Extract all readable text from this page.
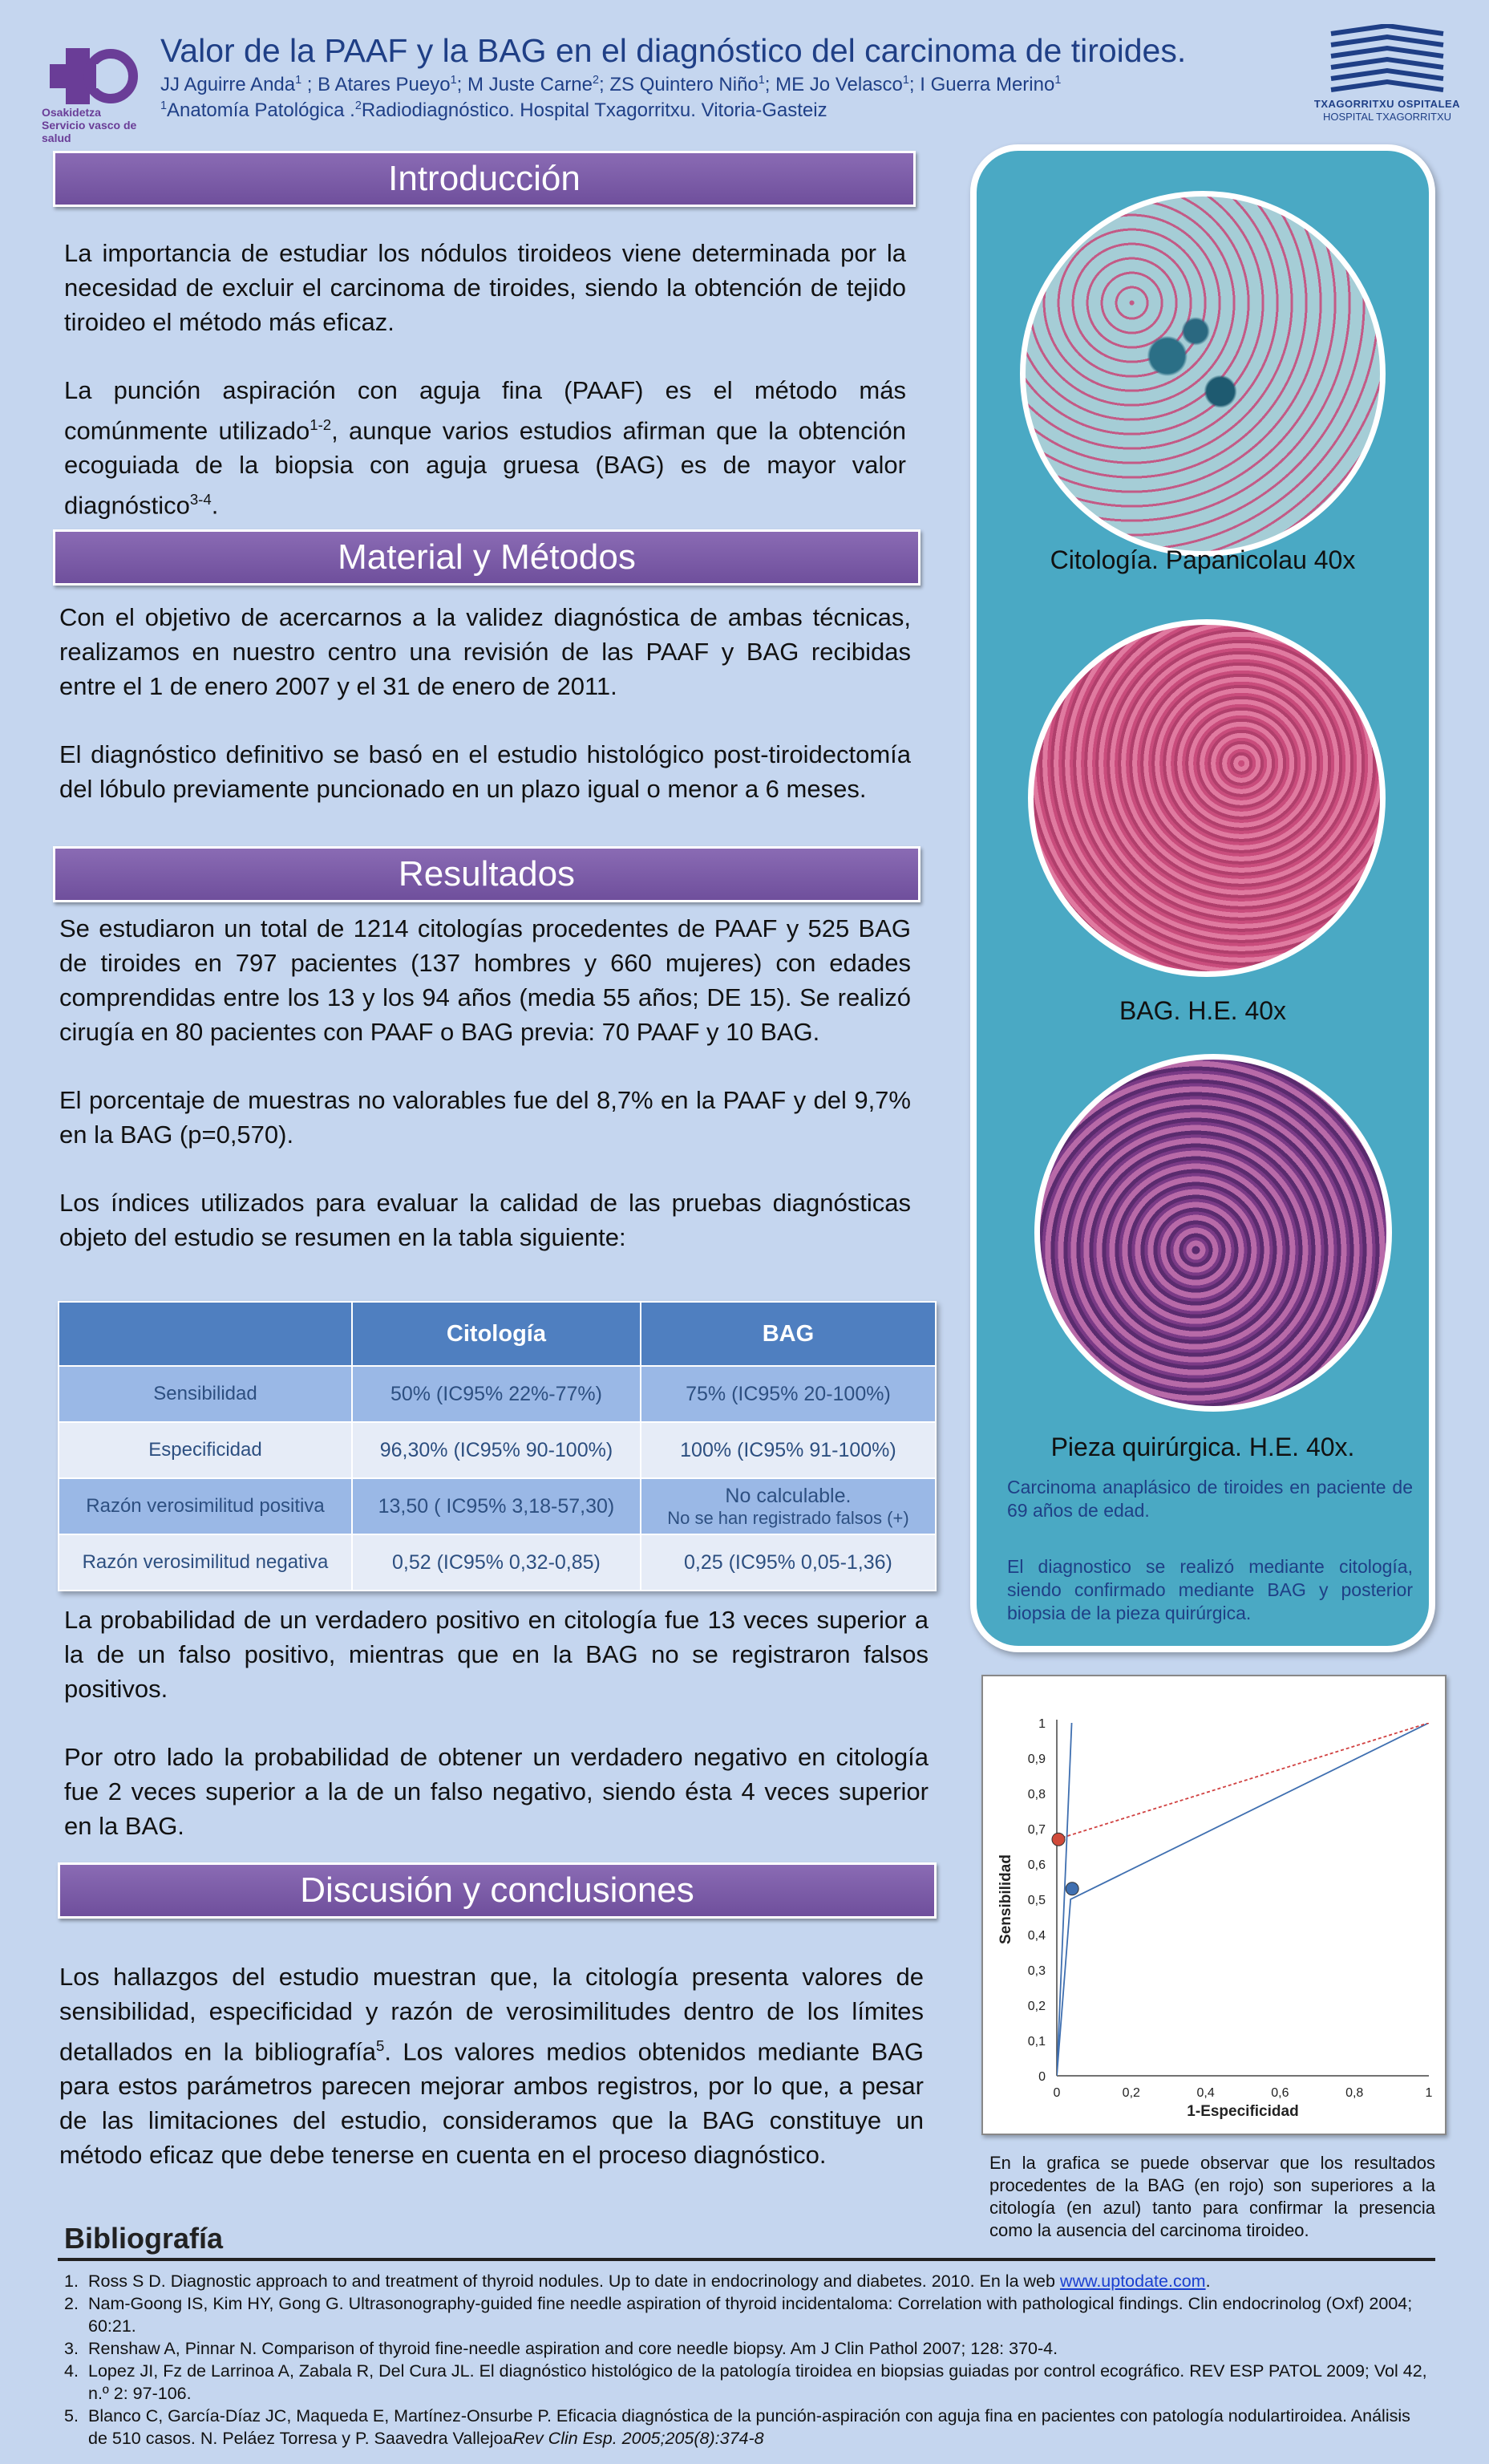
Osakidetza
Servicio vasco de salud
Valor de la PAAF y la BAG en el diagnóstico del carcinoma de tiroides.
JJ Aguirre Anda$^1$ ; B Atares Pueyo$^1$; M Juste Carne$^2$; ZS Quintero Niño$^1$; ME Jo Velasco$^1$; I Guerra Merino$^1$
$^1$Anatomía Patológica .$^2$Radiodiagnóstico. Hospital Txagorritxu. Vitoria-Gasteiz	TXAGORRITXU OSPITALEA
HOSPITAL TXAGORRITXU
Introducción

La importancia de estudiar los nódulos tiroideos viene determinada por la necesidad de excluir el carcinoma de tiroides, siendo la obtención de tejido tiroideo el método más eficaz.

La punción aspiración con aguja fina (PAAF) es el método más comúnmente utilizado$^{1-2}$, aunque varios estudios afirman que la obtención ecoguiada de la biopsia con aguja gruesa (BAG) es de mayor valor diagnóstico$^{3-4}$.

Material y Métodos

Con el objetivo de acercarnos a la validez diagnóstica de ambas técnicas, realizamos en nuestro centro una revisión de las PAAF y BAG recibidas entre el 1 de enero 2007 y el 31 de enero de 2011.

El diagnóstico definitivo se basó en el estudio histológico post-tiroidectomía del lóbulo previamente puncionado en un plazo igual o menor a 6 meses.

Resultados

Se estudiaron un total de 1214 citologías procedentes de PAAF y 525 BAG de tiroides en 797 pacientes (137 hombres y 660 mujeres) con edades comprendidas entre los 13 y los 94 años (media 55 años; DE 15). Se realizó cirugía en 80 pacientes con PAAF o BAG previa: 70 PAAF y 10 BAG.

El porcentaje de muestras no valorables fue del 8,7% en la PAAF y del 9,7% en la BAG (p=0,570).

Los índices utilizados para evaluar la calidad de las pruebas diagnósticas objeto del estudio se resumen en la tabla siguiente:

	Citología	BAG
Sensibilidad	50% (IC95% 22%-77%)	75% (IC95% 20-100%)
Especificidad	96,30% (IC95% 90-100%)	100% (IC95% 91-100%)
Razón verosimilitud positiva	13,50 ( IC95% 3,18-57,30)	No calculable.
No se han registrado falsos (+)

Razón verosimilitud negativa	0,52 (IC95% 0,32-0,85)	0,25 (IC95% 0,05-1,36)

La probabilidad de un verdadero positivo en citología fue 13 veces superior a la de un falso positivo, mientras que en la BAG no se registraron falsos positivos.

Por otro lado la probabilidad de obtener un verdadero negativo en citología fue 2 veces superior a la de un falso negativo, siendo ésta 4 veces superior en la BAG.

Discusión y conclusiones

Los hallazgos del estudio muestran que, la citología presenta valores de sensibilidad, especificidad y razón de verosimilitudes dentro de los límites detallados en la bibliografía$^5$. Los valores medios obtenidos mediante BAG para estos parámetros parecen mejorar ambos registros, por lo que, a pesar de las limitaciones del estudio, consideramos que la BAG constituye un método eficaz que debe tenerse en cuenta en el proceso diagnóstico.

Citología. Papanicolau 40x
BAG. H.E. 40x
Pieza quirúrgica. H.E. 40x.
Carcinoma anaplásico de tiroides en paciente de 69 años de edad.
El diagnostico se realizó mediante citología, siendo confirmado mediante BAG y posterior biopsia de la pieza quirúrgica.
0
0,1
0,2
0,3
0,4
0,5
0,6
0,7
0,8
0,9
1
0	0,2	0,4	0,6	0,8	1
1-Especificidad
Sensibilidad
En la grafica se puede observar que los resultados procedentes de la BAG (en rojo) son superiores a la citología (en azul) tanto para confirmar la presencia como la ausencia del carcinoma tiroideo.
Bibliografía
1. Ross S D. Diagnostic approach to and treatment of thyroid nodules. Up to date in endocrinology and diabetes. 2010. En la web www.uptodate.com.
2. Nam-Goong IS, Kim HY, Gong G. Ultrasonography-guided fine needle aspiration of thyroid incidentaloma: Correlation with pathological findings. Clin endocrinolog (Oxf) 2004; 60:21.
3. Renshaw A, Pinnar N. Comparison of thyroid fine-needle aspiration and core needle biopsy. Am J Clin Pathol 2007; 128: 370-4.
4. Lopez JI, Fz de Larrinoa A, Zabala R, Del Cura JL. El diagnóstico histológico de la patología tiroidea en biopsias guiadas por control ecográfico. REV ESP PATOL 2009; Vol 42, n.º 2: 97-106.
5. Blanco C, García-Díaz JC, Maqueda E, Martínez-Onsurbe P. Eficacia diagnóstica de la punción-aspiración con aguja fina en pacientes con patología nodulartiroidea. Análisis de 510 casos. N. Peláez Torresa y P. Saavedra VallejoaRev Clin Esp. 2005;205(8):374-8
